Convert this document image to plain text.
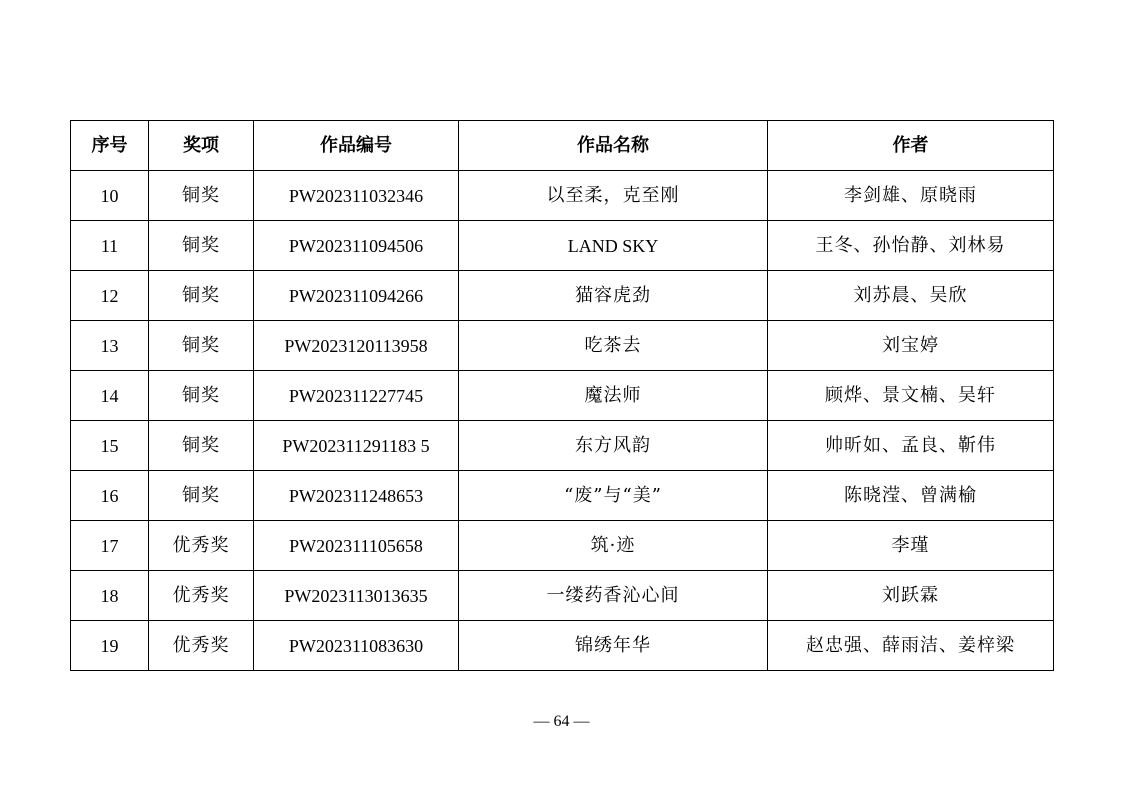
序号	奖项	作品编号	作品名称	作者
10	铜奖	PW202311032346	以至柔，克至刚	李剑雄、原晓雨
11	铜奖	PW202311094506	LAND SKY	王冬、孙怡静、刘林易
12	铜奖	PW202311094266	猫容虎劲	刘苏晨、吴欣
13	铜奖	PW2023120113958	吃茶去	刘宝婷
14	铜奖	PW202311227745	魔法师	顾烨、景文楠、吴轩
15	铜奖	PW202311291183 5	东方风韵	帅昕如、孟良、靳伟
16	铜奖	PW202311248653	“废”与“美”	陈晓滢、曾满榆
17	优秀奖	PW202311105658	筑·迹	李瑾
18	优秀奖	PW2023113013635	一缕药香沁心间	刘跃霖
19	优秀奖	PW202311083630	锦绣年华	赵忠强、薛雨洁、姜梓梁
— 64 —
